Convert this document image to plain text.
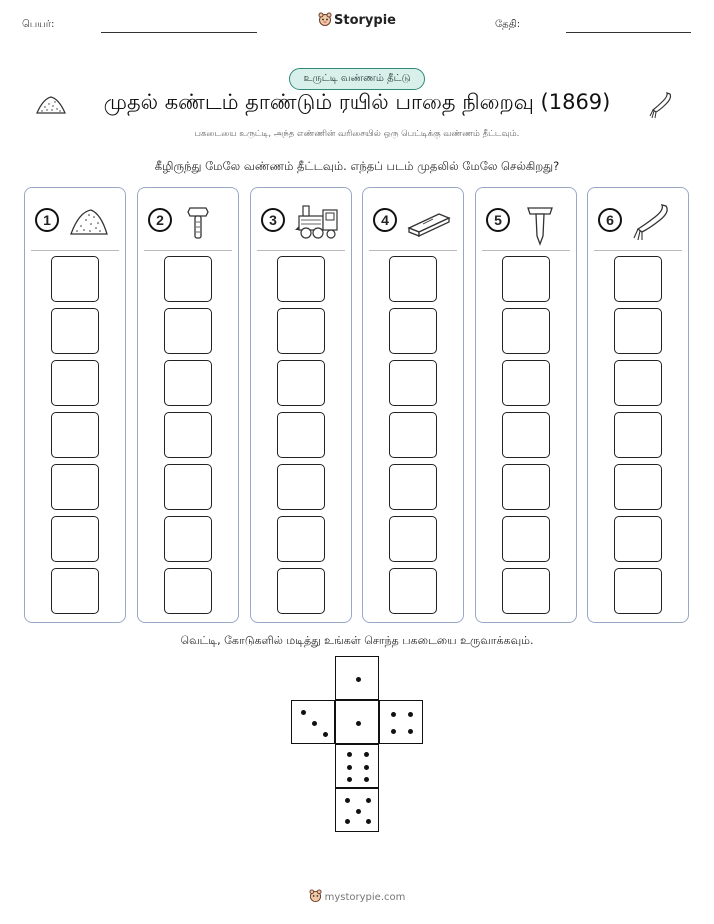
பெயர்:	Storypie	தேதி:
உருட்டி வண்ணம் தீட்டு
முதல் கண்டம் தாண்டும் ரயில் பாதை நிறைவு (1869)
பகடையை உருட்டி, அந்த எண்ணின் வரிசையில் ஒரு பெட்டிக்கு வண்ணம் தீட்டவும்.
கீழிருந்து மேலே வண்ணம் தீட்டவும். எந்தப் படம் முதலில் மேலே செல்கிறது?
1	2	3	4	5	6
வெட்டி, கோடுகளில் மடித்து உங்கள் சொந்த பகடையை உருவாக்கவும்.
mystorypie.com
